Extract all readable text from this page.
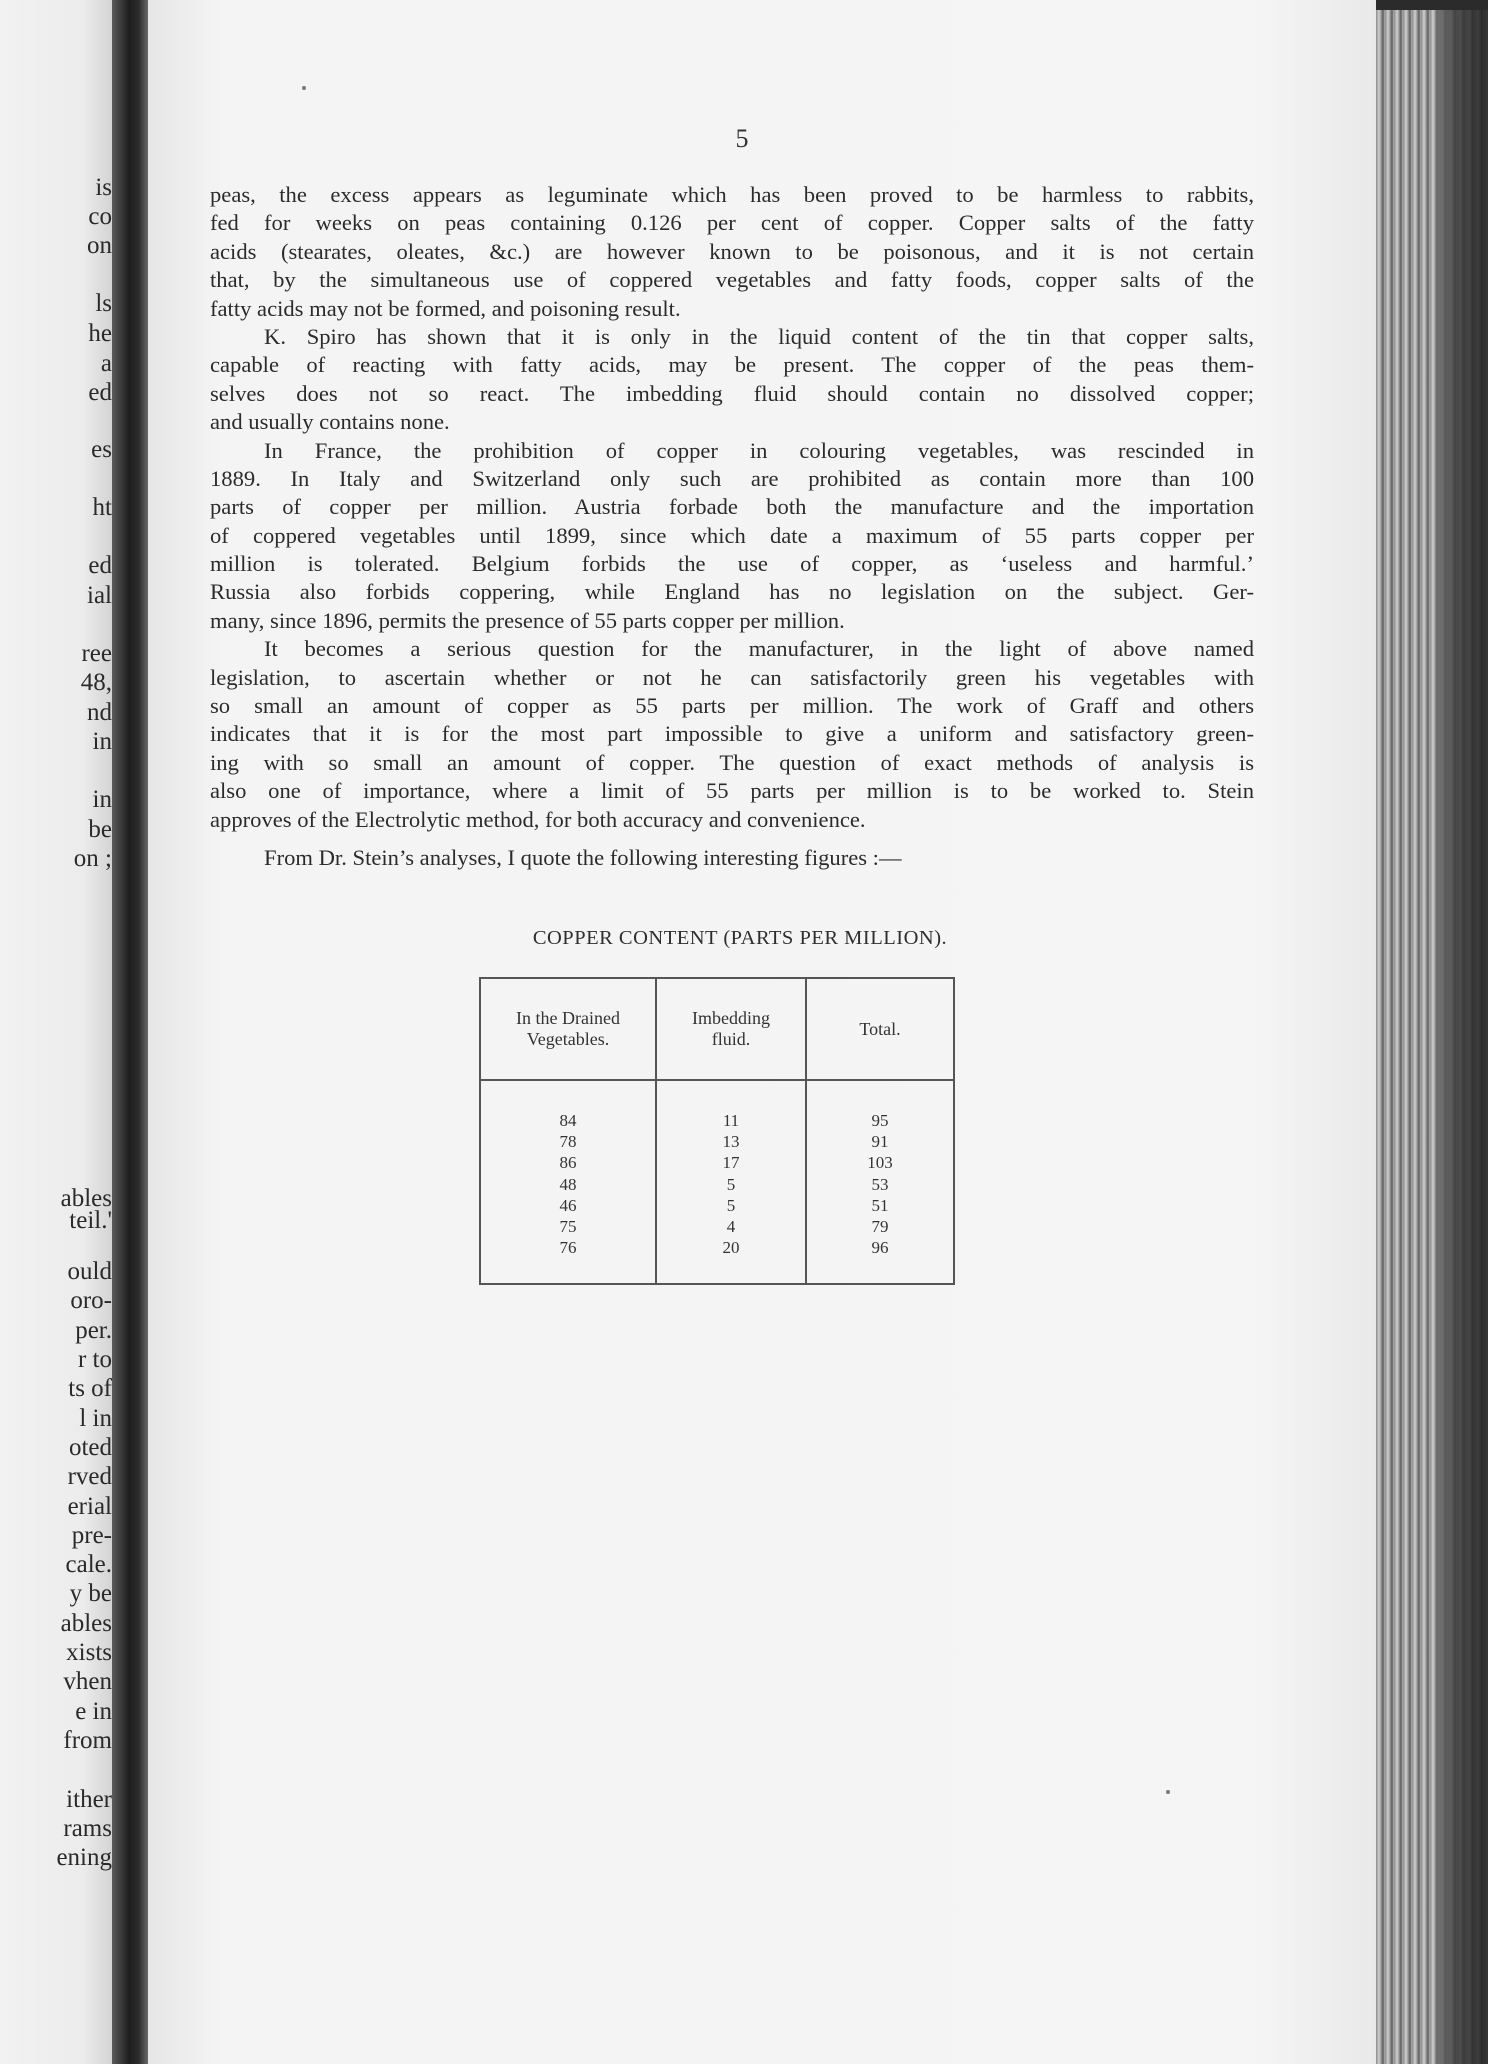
is
co
on
ls
he
a
ed
es
ht
ed
ial
ree
48,
nd
in
in
be
on ;
ables
teil.'
ould
oro-
per.
r to
ts of
l in
oted
rved
erial
pre-
cale.
y be
ables
xists
vhen
e in
from
ither
rams
ening
5
peas, the excess appears as leguminate which has been proved to be harmless to rabbits,
fed for weeks on peas containing 0.126 per cent of copper. Copper salts of the fatty
acids (stearates, oleates, &c.) are however known to be poisonous, and it is not certain
that, by the simultaneous use of coppered vegetables and fatty foods, copper salts of the
fatty acids may not be formed, and poisoning result.
K. Spiro has shown that it is only in the liquid content of the tin that copper salts,
capable of reacting with fatty acids, may be present. The copper of the peas them-
selves does not so react. The imbedding fluid should contain no dissolved copper;
and usually contains none.
In France, the prohibition of copper in colouring vegetables, was rescinded in
1889. In Italy and Switzerland only such are prohibited as contain more than 100
parts of copper per million. Austria forbade both the manufacture and the importation
of coppered vegetables until 1899, since which date a maximum of 55 parts copper per
million is tolerated. Belgium forbids the use of copper, as ‘useless and harmful.’
Russia also forbids coppering, while England has no legislation on the subject. Ger-
many, since 1896, permits the presence of 55 parts copper per million.
It becomes a serious question for the manufacturer, in the light of above named
legislation, to ascertain whether or not he can satisfactorily green his vegetables with
so small an amount of copper as 55 parts per million. The work of Graff and others
indicates that it is for the most part impossible to give a uniform and satisfactory green-
ing with so small an amount of copper. The question of exact methods of analysis is
also one of importance, where a limit of 55 parts per million is to be worked to. Stein
approves of the Electrolytic method, for both accuracy and convenience.
From Dr. Stein’s analyses, I quote the following interesting figures :—
COPPER CONTENT (PARTS PER MILLION).
In the Drained
Vegetables.
84
78
86
48
46
75
76
Imbedding
fluid.
11
13
17
5
5
4
20
Total.
95
91
103
53
51
79
96
